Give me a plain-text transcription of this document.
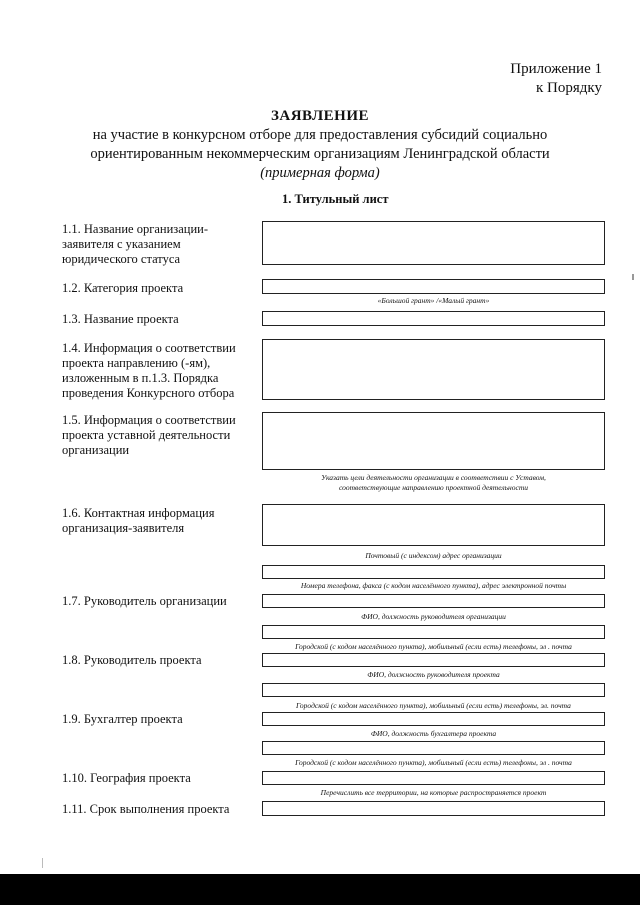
Приложение 1
к Порядку
ЗАЯВЛЕНИЕ
на участие в конкурсном отборе для предоставления субсидий социально
ориентированным некоммерческим организациям Ленинградской области
(примерная форма)
1. Титульный лист
1.1. Название организации-заявителя с указанием юридического статуса
1.2. Категория проекта
«Большой грант» /«Малый грант»
1.3. Название проекта
1.4. Информация о соответствии проекта направлению (-ям), изложенным в п.1.3. Порядка проведения Конкурсного отбора
1.5. Информация о соответствии проекта уставной деятельности организации
Указать цели деятельности организации в соответствии с Уставом,
соответствующие направлению проектной деятельности
1.6. Контактная информация организация-заявителя
Почтовый (с индексом) адрес организации
Номера телефона, факса (с кодом населённого пункта), адрес электронной почты
1.7. Руководитель организации
ФИО, должность руководителя организации
Городской (с кодом населённого пункта), мобильный (если есть) телефоны, эл . почта
1.8. Руководитель проекта
ФИО, должность руководителя проекта
Городской (с кодом населённого пункта), мобильный (если есть) телефоны, эл. почта
1.9. Бухгалтер проекта
ФИО, должность бухгалтера проекта
Городской (с кодом населённого пункта), мобильный (если есть) телефоны, эл . почта
1.10. География проекта
Перечислить все территории, на которые распространяется проект
1.11. Срок выполнения проекта
